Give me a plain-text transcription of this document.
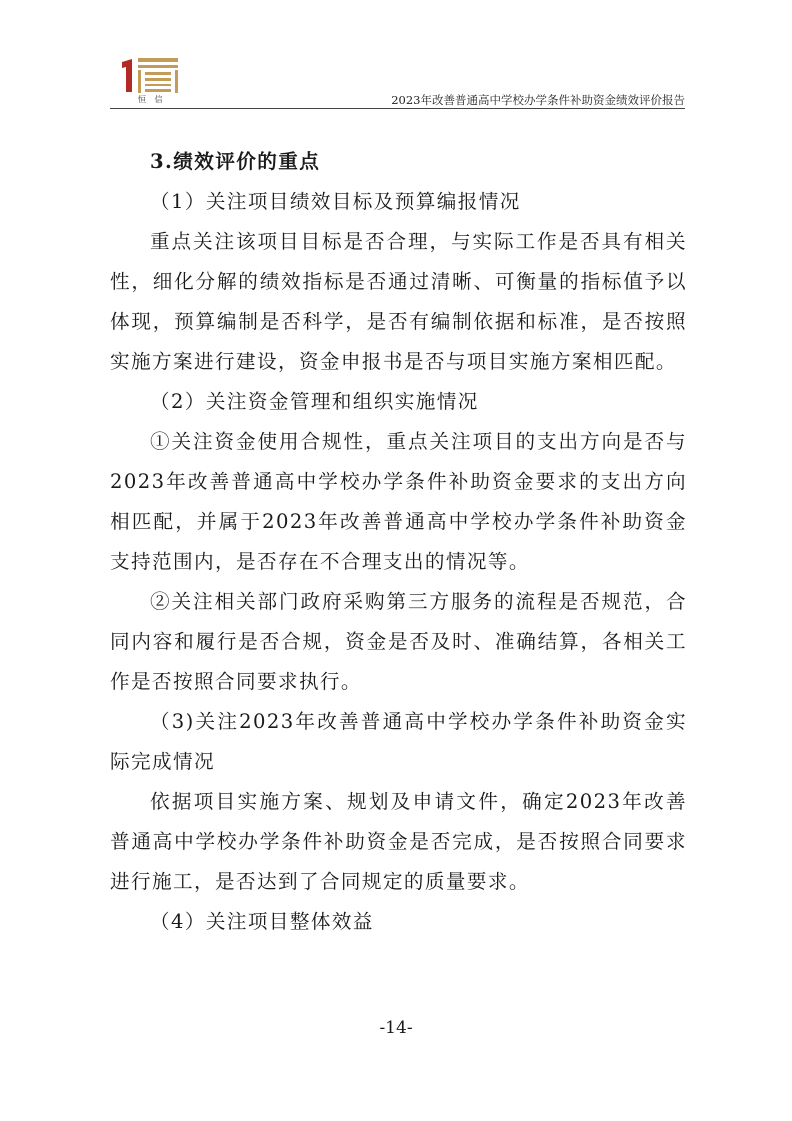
恒 信	2023年改善普通高中学校办学条件补助资金绩效评价报告

3.绩效评价的重点

（1）关注项目绩效目标及预算编报情况

重点关注该项目目标是否合理，与实际工作是否具有相关性，细化分解的绩效指标是否通过清晰、可衡量的指标值予以体现，预算编制是否科学，是否有编制依据和标准，是否按照实施方案进行建设，资金申报书是否与项目实施方案相匹配。

（2）关注资金管理和组织实施情况

①关注资金使用合规性，重点关注项目的支出方向是否与2023年改善普通高中学校办学条件补助资金要求的支出方向相匹配，并属于2023年改善普通高中学校办学条件补助资金支持范围内，是否存在不合理支出的情况等。

②关注相关部门政府采购第三方服务的流程是否规范，合同内容和履行是否合规，资金是否及时、准确结算，各相关工作是否按照合同要求执行。

（3)关注2023年改善普通高中学校办学条件补助资金实际完成情况

依据项目实施方案、规划及申请文件，确定2023年改善普通高中学校办学条件补助资金是否完成，是否按照合同要求进行施工，是否达到了合同规定的质量要求。

（4）关注项目整体效益

-14-
